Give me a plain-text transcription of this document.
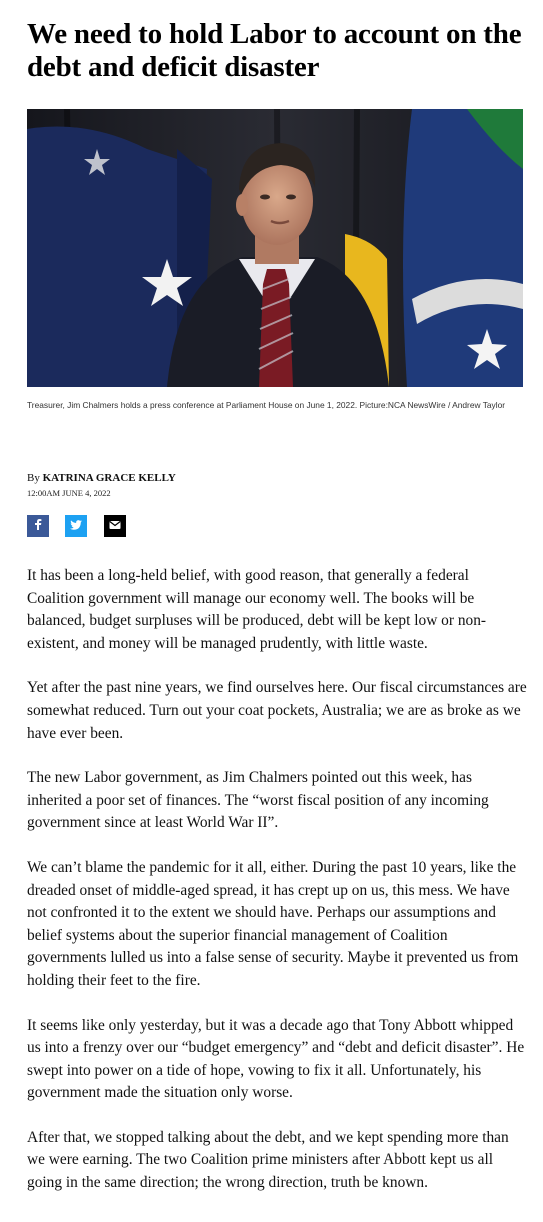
We need to hold Labor to account on the debt and deficit disaster

Treasurer, Jim Chalmers holds a press conference at Parliament House on June 1, 2022. Picture:NCA NewsWire / Andrew Taylor

By KATRINA GRACE KELLY
12:00AM JUNE 4, 2022

It has been a long-held belief, with good reason, that generally a federal Coalition government will manage our economy well. The books will be balanced, budget surpluses will be produced, debt will be kept low or non-existent, and money will be managed prudently, with little waste.

Yet after the past nine years, we find ourselves here. Our fiscal circumstances are somewhat reduced. Turn out your coat pockets, Australia; we are as broke as we have ever been.

The new Labor government, as Jim Chalmers pointed out this week, has inherited a poor set of finances. The “worst fiscal position of any incoming government since at least World War II”.

We can’t blame the pandemic for it all, either. During the past 10 years, like the dreaded onset of middle-aged spread, it has crept up on us, this mess. We have not confronted it to the extent we should have. Perhaps our assumptions and belief systems about the superior financial management of Coalition governments lulled us into a false sense of security. Maybe it prevented us from holding their feet to the fire.

It seems like only yesterday, but it was a decade ago that Tony Abbott whipped us into a frenzy over our “budget emergency” and “debt and deficit disaster”. He swept into power on a tide of hope, vowing to fix it all. Unfortunately, his government made the situation only worse.

After that, we stopped talking about the debt, and we kept spending more than we were earning. The two Coalition prime ministers after Abbott kept us all going in the same direction; the wrong direction, truth be known.
